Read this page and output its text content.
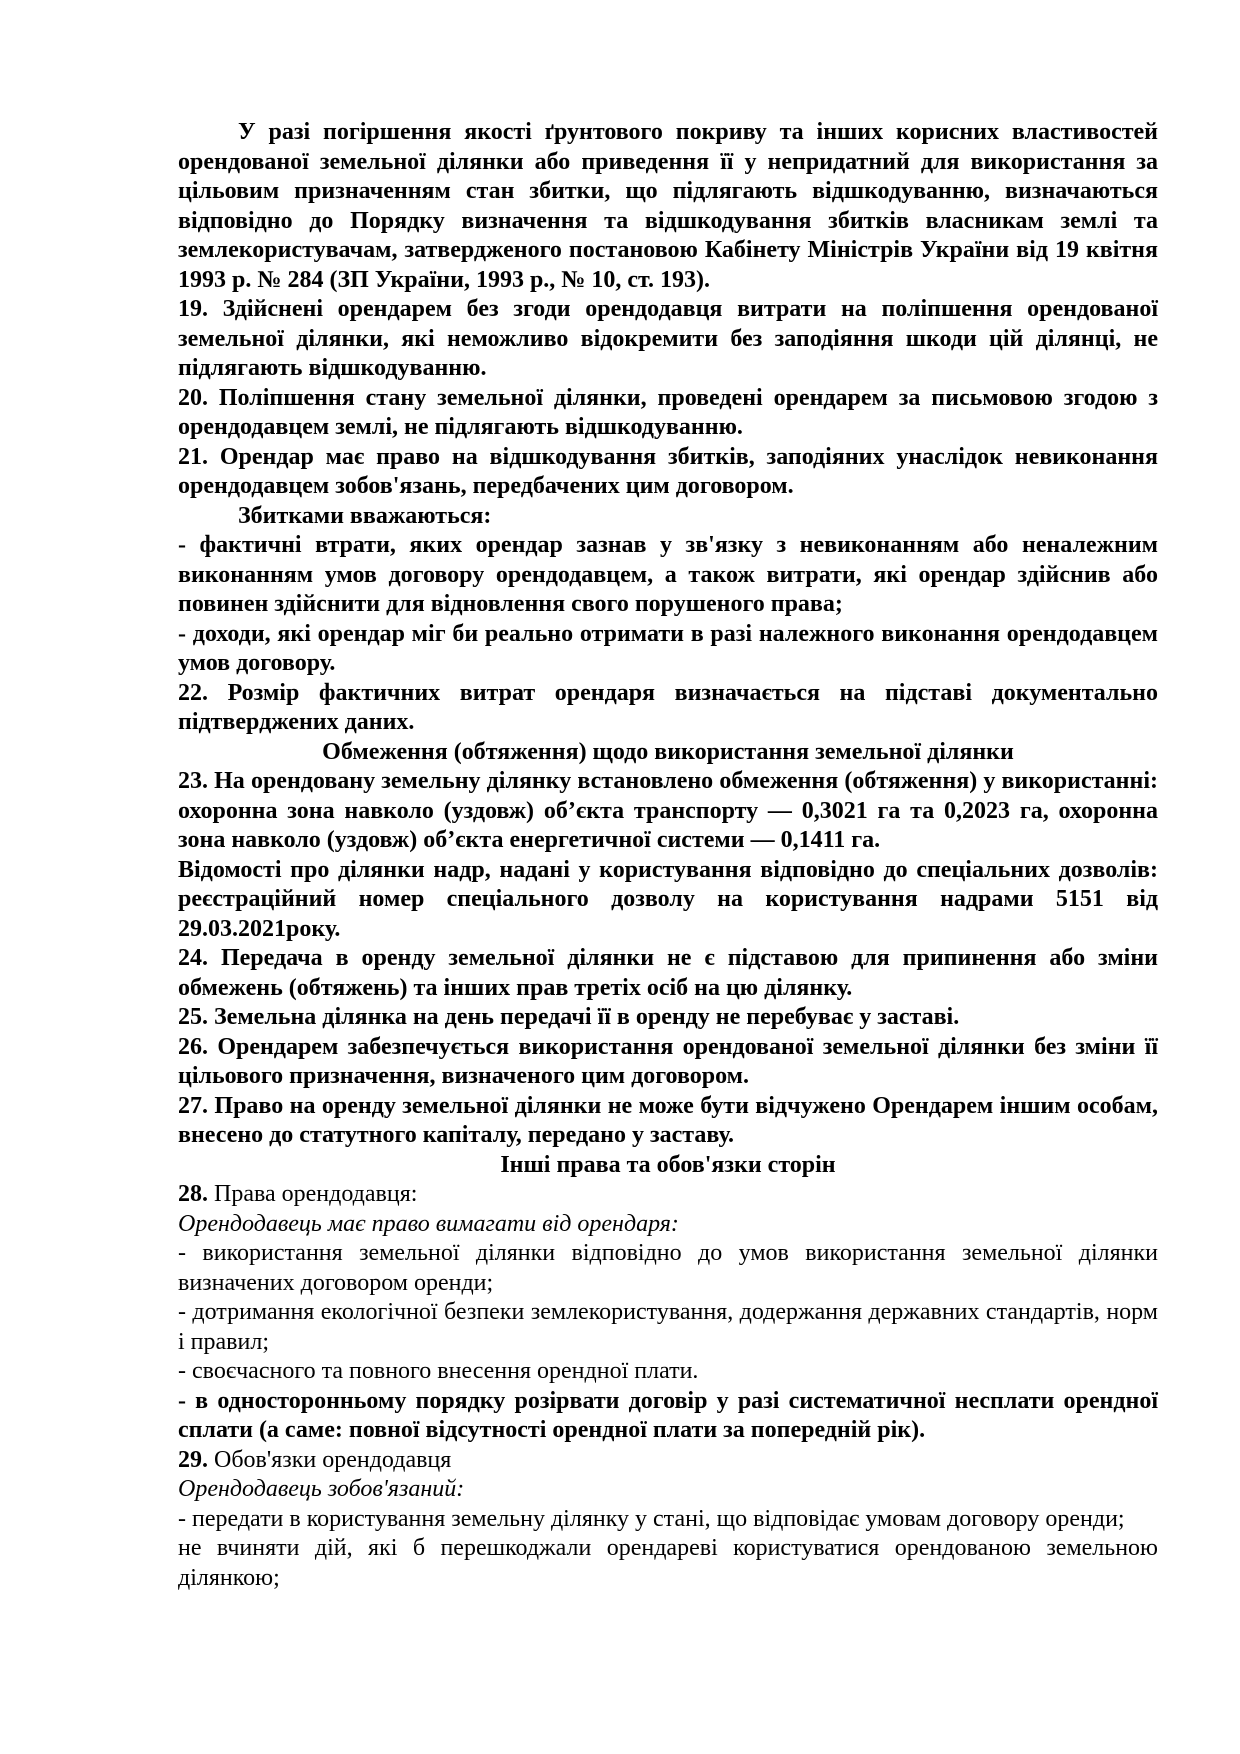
У разі погіршення якості ґрунтового покриву та інших корисних властивостей орендованої земельної ділянки або приведення її у непридатний для використання за цільовим призначенням стан збитки, що підлягають відшкодуванню, визначаються відповідно до Порядку визначення та відшкодування збитків власникам землі та землекористувачам, затвердженого постановою Кабінету Міністрів України від 19 квітня 1993 р. № 284 (ЗП України, 1993 р., № 10, ст. 193).

19. Здійснені орендарем без згоди орендодавця витрати на поліпшення орендованої земельної ділянки, які неможливо відокремити без заподіяння шкоди цій ділянці, не підлягають відшкодуванню.

20. Поліпшення стану земельної ділянки, проведені орендарем за письмовою згодою з орендодавцем землі, не підлягають відшкодуванню.

21. Орендар має право на відшкодування збитків, заподіяних унаслідок невиконання орендодавцем зобов'язань, передбачених цим договором.

Збитками вважаються:

- фактичні втрати, яких орендар зазнав у зв'язку з невиконанням або неналежним виконанням умов договору орендодавцем, а також витрати, які орендар здійснив або повинен здійснити для відновлення свого порушеного права;

- доходи, які орендар міг би реально отримати в разі належного виконання орендодавцем умов договору.

22. Розмір фактичних витрат орендаря визначається на підставі документально підтверджених даних.

Обмеження (обтяження) щодо використання земельної ділянки

23. На орендовану земельну ділянку встановлено обмеження (обтяження) у використанні: охоронна зона навколо (уздовж) об’єкта транспорту — 0,3021 га та 0,2023 га, охоронна зона навколо (уздовж) об’єкта енергетичної системи — 0,1411 га.

Відомості про ділянки надр, надані у користування відповідно до спеціальних дозволів: реєстраційний номер спеціального дозволу на користування надрами 5151 від 29.03.2021року.

24. Передача в оренду земельної ділянки не є підставою для припинення або зміни обмежень (обтяжень) та інших прав третіх осіб на цю ділянку.

25. Земельна ділянка на день передачі її в оренду не перебуває у заставі.

26. Орендарем забезпечується використання орендованої земельної ділянки без зміни її цільового призначення, визначеного цим договором.

27. Право на оренду земельної ділянки не може бути відчужено Орендарем іншим особам, внесено до статутного капіталу, передано у заставу.

Інші права та обов'язки сторін

28. Права орендодавця:

Орендодавець має право вимагати від орендаря:

- використання земельної ділянки відповідно до умов використання земельної ділянки визначених договором оренди;

- дотримання екологічної безпеки землекористування, додержання державних стандартів, норм і правил;

- своєчасного та повного внесення орендної плати.

- в односторонньому порядку розірвати договір у разі систематичної несплати орендної сплати (а саме: повної відсутності орендної плати за попередній рік).

29. Обов'язки орендодавця

Орендодавець зобов'язаний:

- передати в користування земельну ділянку у стані, що відповідає умовам договору оренди;

не вчиняти дій, які б перешкоджали орендареві користуватися орендованою земельною ділянкою;
